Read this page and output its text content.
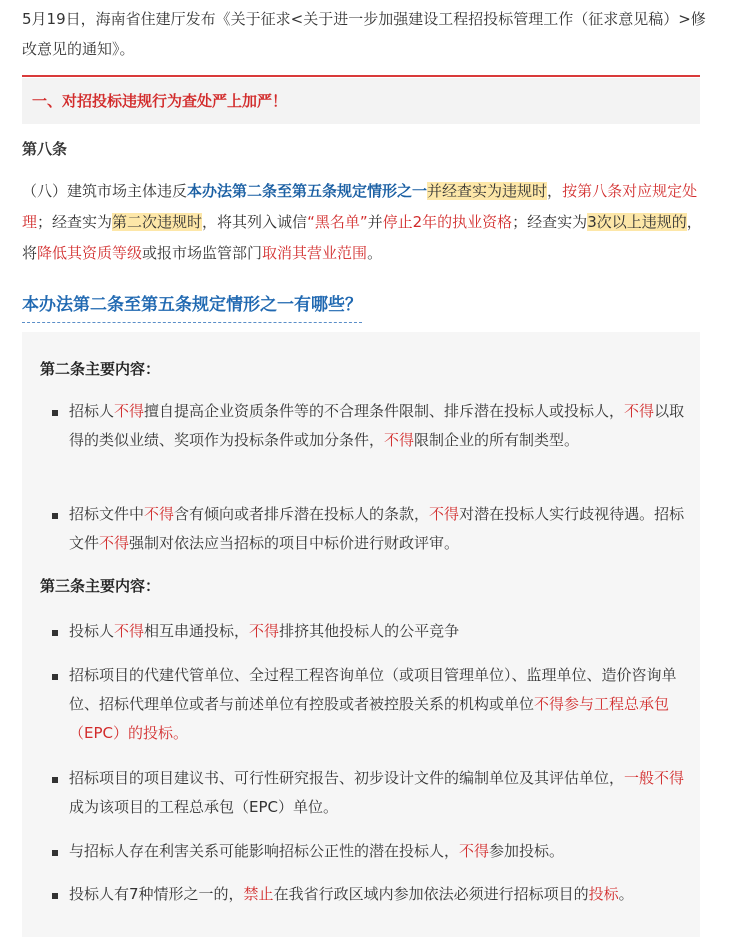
5月19日，海南省住建厅发布《关于征求<关于进一步加强建设工程招投标管理工作（征求意见稿）>修改意见的通知》。

一、对招投标违规行为查处严上加严！
第八条

（八）建筑市场主体违反本办法第二条至第五条规定情形之一并经查实为违规时，按第八条对应规定处理；经查实为第二次违规时，将其列入诚信“黑名单”并停止2年的执业资格；经查实为3次以上违规的，将降低其资质等级或报市场监管部门取消其营业范围。

本办法第二条至第五条规定情形之一有哪些？
第二条主要内容：

招标人不得擅自提高企业资质条件等的不合理条件限制、排斥潜在投标人或投标人，不得以取得的类似业绩、奖项作为投标条件或加分条件，不得限制企业的所有制类型。

招标文件中不得含有倾向或者排斥潜在投标人的条款，不得对潜在投标人实行歧视待遇。招标文件不得强制对依法应当招标的项目中标价进行财政评审。

第三条主要内容：

投标人不得相互串通投标，不得排挤其他投标人的公平竞争

招标项目的代建代管单位、全过程工程咨询单位（或项目管理单位）、监理单位、造价咨询单位、招标代理单位或者与前述单位有控股或者被控股关系的机构或单位不得参与工程总承包（EPC）的投标。

招标项目的项目建议书、可行性研究报告、初步设计文件的编制单位及其评估单位，一般不得成为该项目的工程总承包（EPC）单位。

与招标人存在利害关系可能影响招标公正性的潜在投标人，不得参加投标。

投标人有7种情形之一的，禁止在我省行政区域内参加依法必须进行招标项目的投标。
